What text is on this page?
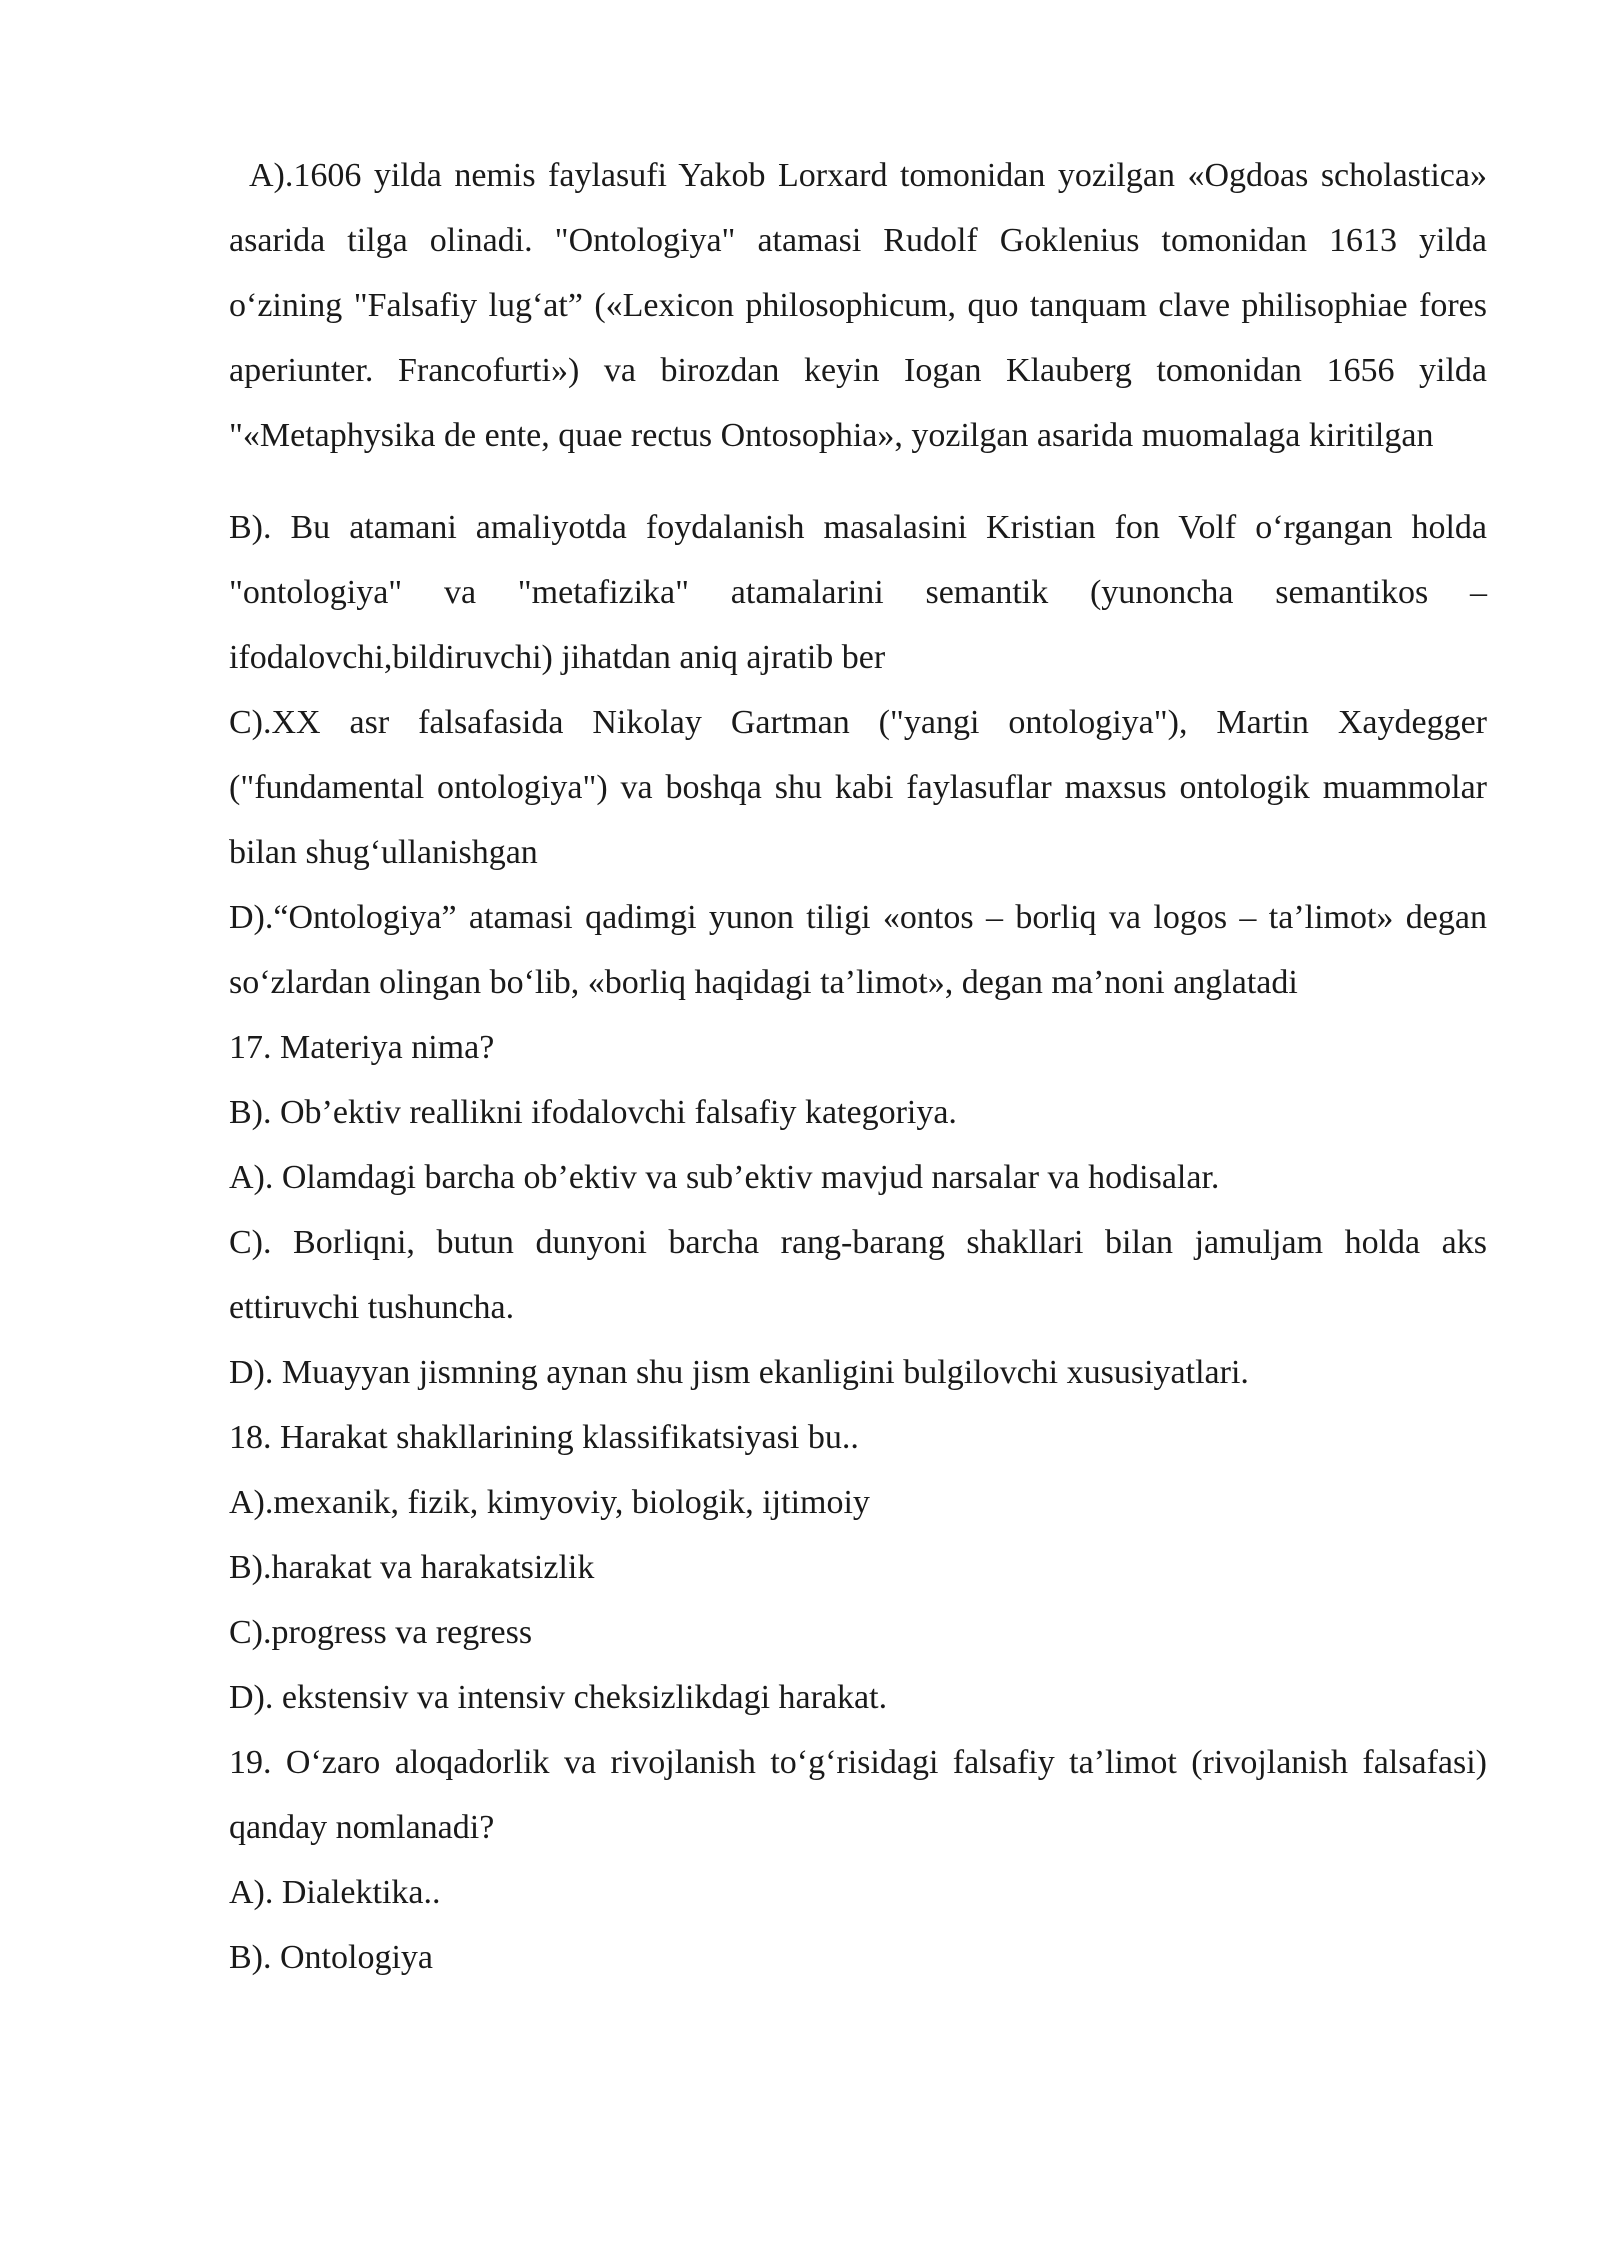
A).1606 yilda nemis faylasufi Yakob Lorxard tomonidan yozilgan «Ogdoas scholastica» asarida tilga olinadi. "Ontologiya" atamasi Rudolf Goklenius tomonidan 1613 yilda o‘zining "Falsafiy lug‘at” («Lexicon philosophicum, quo tanquam clave philisophiae fores aperiunter. Francofurti») va birozdan keyin Iogan Klauberg tomonidan 1656 yilda "«Metaphysika de ente, quae rectus Ontosophia», yozilgan asarida muomalaga kiritilgan

B). Bu atamani amaliyotda foydalanish masalasini Kristian fon Volf o‘rgangan holda "ontologiya" va "metafizika" atamalarini semantik (yunoncha semantikos – ifodalovchi,bildiruvchi) jihatdan aniq ajratib ber

C).XX asr falsafasida Nikolay Gartman ("yangi ontologiya"), Martin Xaydegger ("fundamental ontologiya") va boshqa shu kabi faylasuflar maxsus ontologik muammolar bilan shug‘ullanishgan

D).“Ontologiya” atamasi qadimgi yunon tiligi «ontos – borliq va logos – ta’limot» degan so‘zlardan olingan bo‘lib, «borliq haqidagi ta’limot», degan ma’noni anglatadi

17. Materiya nima?

B). Ob’ektiv reallikni ifodalovchi falsafiy kategoriya.

A). Olamdagi barcha ob’ektiv va sub’ektiv mavjud narsalar va hodisalar.

C). Borliqni, butun dunyoni barcha rang-barang shakllari bilan jamuljam holda aks ettiruvchi tushuncha.

D). Muayyan jismning aynan shu jism ekanligini bulgilovchi xususiyatlari.

18. Harakat shakllarining klassifikatsiyasi bu..

A).mexanik, fizik, kimyoviy, biologik, ijtimoiy

B).harakat va harakatsizlik

C).progress va regress

D). ekstensiv va intensiv cheksizlikdagi harakat.

19. O‘zaro aloqadorlik va rivojlanish to‘g‘risidagi falsafiy ta’limot (rivojlanish falsafasi) qanday nomlanadi?

A). Dialektika..

B). Ontologiya
